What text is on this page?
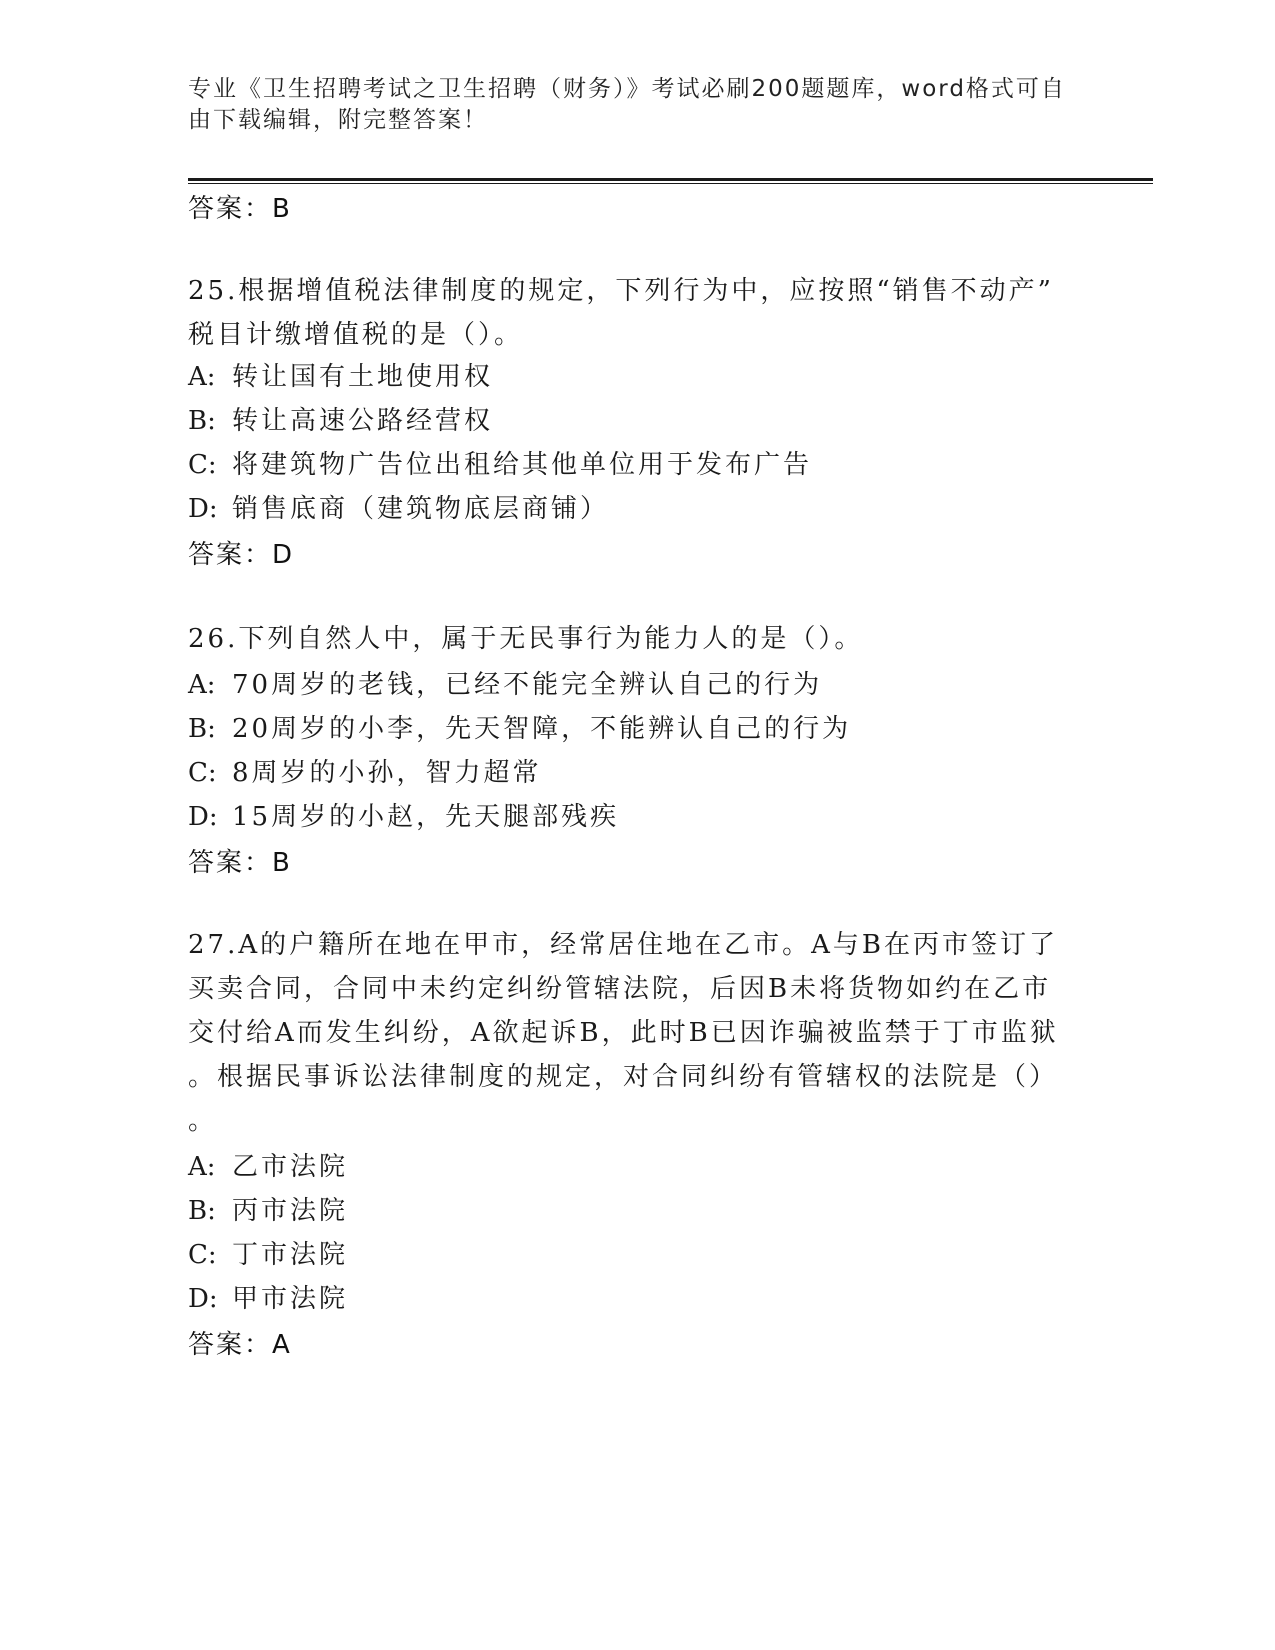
专业《卫生招聘考试之卫生招聘（财务）》考试必刷200题题库，word格式可自
由下载编辑，附完整答案！
答案：B
25.根据增值税法律制度的规定，下列行为中，应按照“销售不动产”
税目计缴增值税的是（）。
A: 转让国有土地使用权
B: 转让高速公路经营权
C: 将建筑物广告位出租给其他单位用于发布广告
D: 销售底商（建筑物底层商铺）
答案：D
26.下列自然人中，属于无民事行为能力人的是（）。
A: 70周岁的老钱，已经不能完全辨认自己的行为
B: 20周岁的小李，先天智障，不能辨认自己的行为
C: 8周岁的小孙，智力超常
D: 15周岁的小赵，先天腿部残疾
答案：B
27.A的户籍所在地在甲市，经常居住地在乙市。A与B在丙市签订了
买卖合同，合同中未约定纠纷管辖法院，后因B未将货物如约在乙市
交付给A而发生纠纷，A欲起诉B，此时B已因诈骗被监禁于丁市监狱
。根据民事诉讼法律制度的规定，对合同纠纷有管辖权的法院是（）
。
A: 乙市法院
B: 丙市法院
C: 丁市法院
D: 甲市法院
答案：A
